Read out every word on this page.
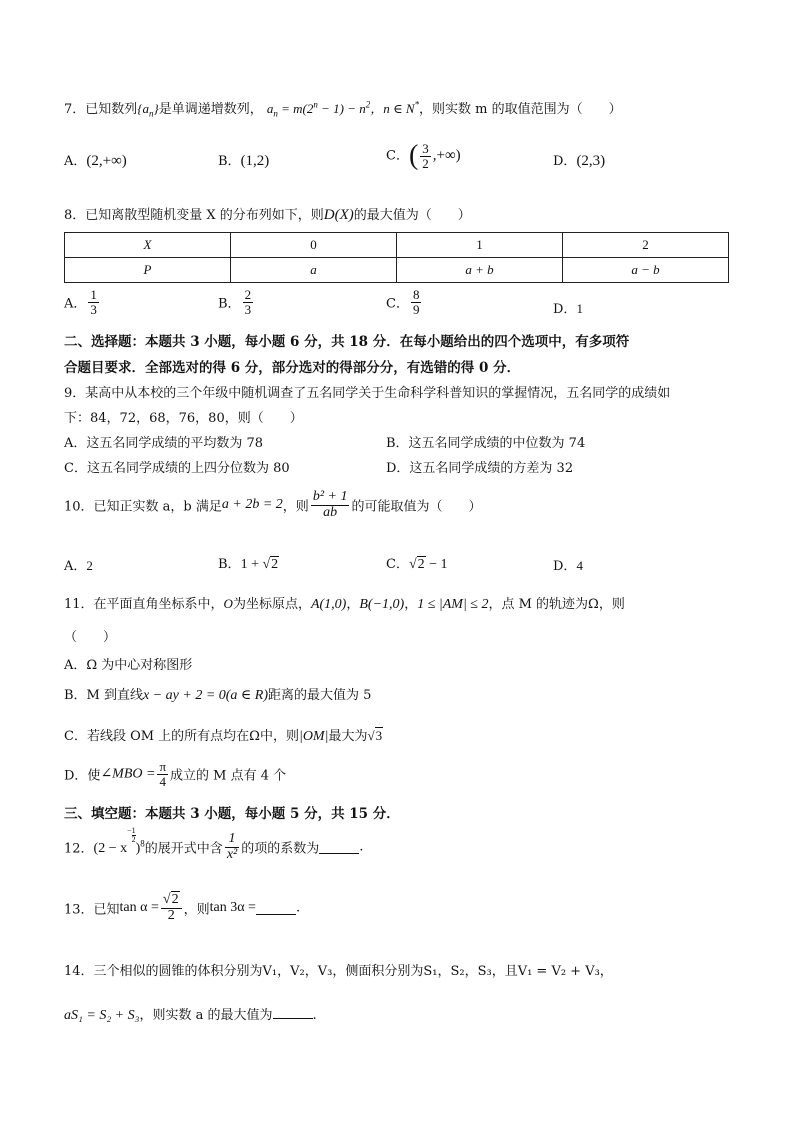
7．已知数列$\{a_n\}$是单调递增数列， $a_n = m(2^n - 1) - n^2$，n ∈ N*，则实数 m 的取值范围为（　　）
A．(2,+∞)	B．(1,2)	C．( $\frac{3}{2}$ ,+∞)	D．(2,3)
8．已知离散型随机变量 X 的分布列如下，则D(X)的最大值为（　　）
X	0	1	2
P	a	a + b	a − b
A． $\frac{1}{3}$	B． $\frac{2}{3}$	C． $\frac{8}{9}$	D．1
二、选择题：本题共 3 小题，每小题 6 分，共 18 分．在每小题给出的四个选项中，有多项符
合题目要求．全部选对的得 6 分，部分选对的得部分分，有选错的得 0 分．
9．某高中从本校的三个年级中随机调查了五名同学关于生命科学科普知识的掌握情况，五名同学的成绩如
下：84，72，68，76，80，则（　　）
A．这五名同学成绩的平均数为 78	B．这五名同学成绩的中位数为 74
C．这五名同学成绩的上四分位数为 80	D．这五名同学成绩的方差为 32
10．已知正实数 a，b 满足a + 2b = 2，则 $\frac{\text{b² + 1}}{ab}$ 的可能取值为（　　）
A．2	B．1 + √2	C．√2 − 1	D．4
11．在平面直角坐标系中，O为坐标原点，A(1,0)，B(−1,0)，1 ≤ |AM| ≤ 2，点 M 的轨迹为Ω，则
（　　）
A．Ω 为中心对称图形
B．M 到直线x − ay + 2 = 0(a ∈ R)距离的最大值为 5
C．若线段 OM 上的所有点均在Ω中，则|OM|最大为√3
D．使∠MBO = $\frac{\pi}{4}$ 成立的 M 点有 4 个
三、填空题：本题共 3 小题，每小题 5 分，共 15 分．
12．($2 - x- \frac{1}{2}$
)$^8$的展开式中含 $\frac{1}{\text{x²}}$ 的项的系数为	.
13．已知$\tan \alpha = \frac{√2}{2}$ ，则tan 3α =	.
14．三个相似的圆锥的体积分别为V₁，V₂，V₃，侧面积分别为S₁，S₂，S₃，且V₁ = V₂ + V₃，
aS₁ = S₂ + S₃，则实数 a 的最大值为	.
